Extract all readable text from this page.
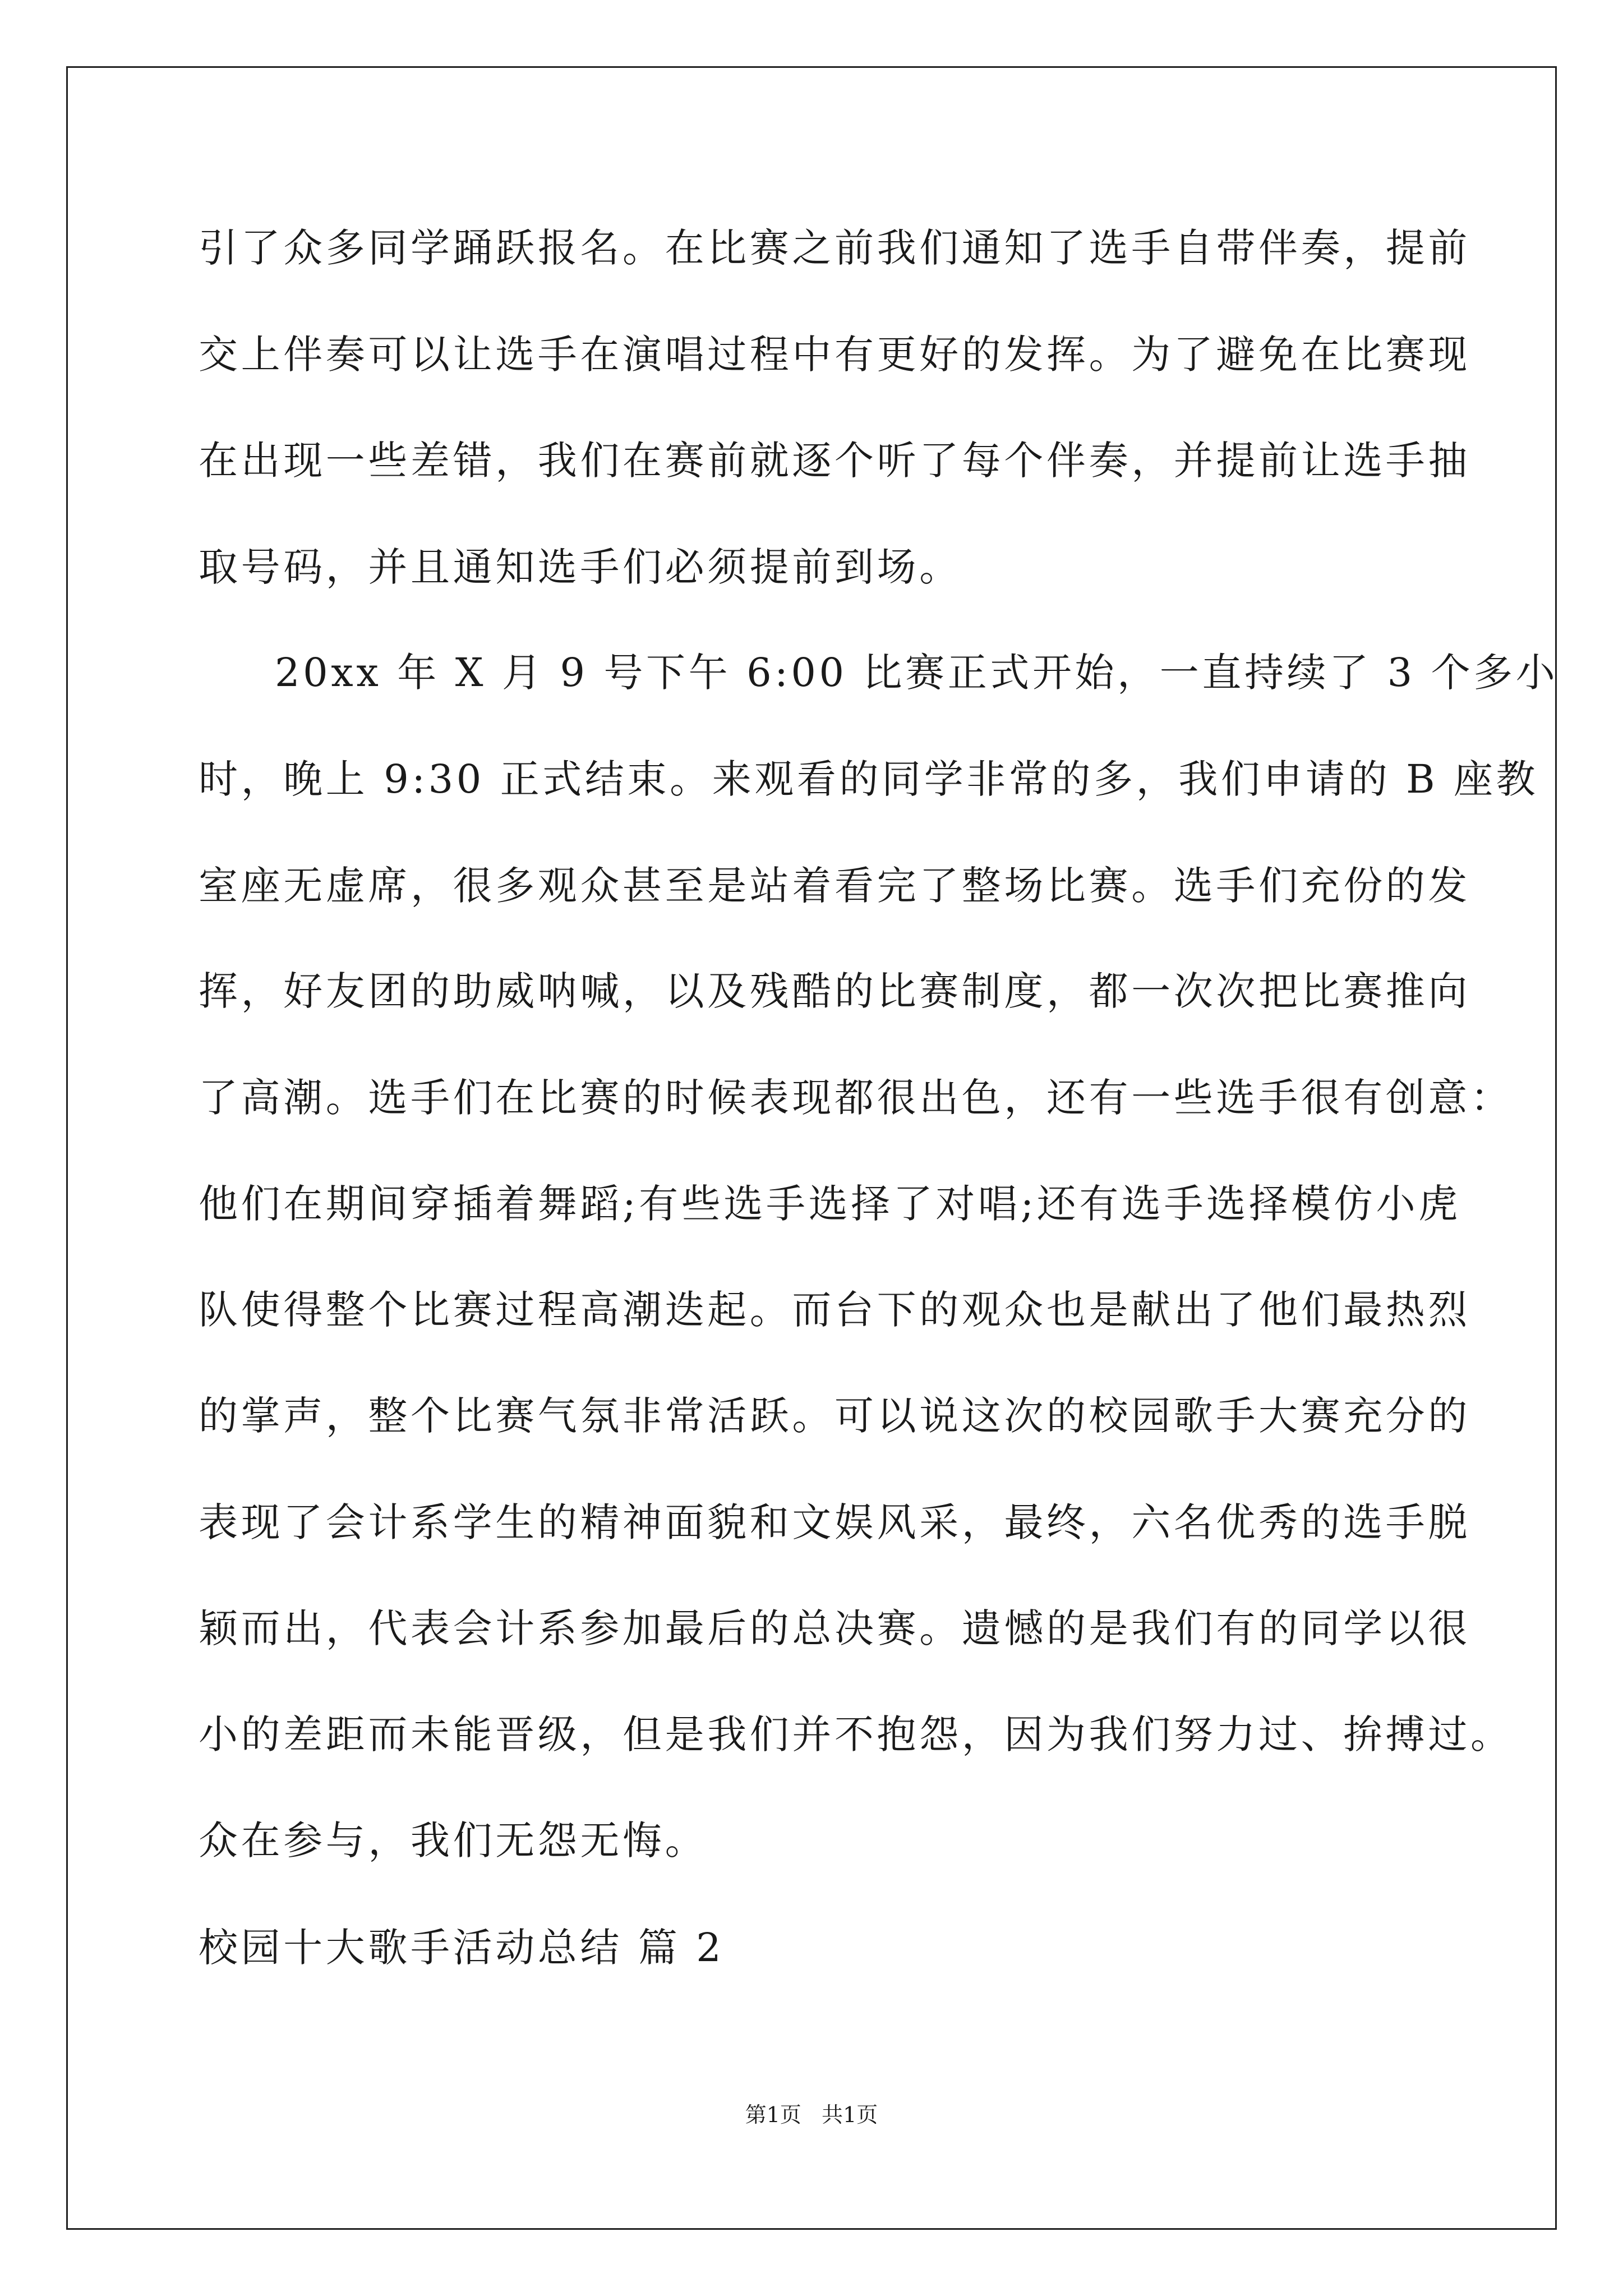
引了众多同学踊跃报名。在比赛之前我们通知了选手自带伴奏，提前
交上伴奏可以让选手在演唱过程中有更好的发挥。为了避免在比赛现
在出现一些差错，我们在赛前就逐个听了每个伴奏，并提前让选手抽
取号码，并且通知选手们必须提前到场。
20xx 年 X 月 9 号下午 6:00 比赛正式开始，一直持续了 3 个多小
时，晚上 9:30 正式结束。来观看的同学非常的多，我们申请的 B 座教
室座无虚席，很多观众甚至是站着看完了整场比赛。选手们充份的发
挥，好友团的助威呐喊，以及残酷的比赛制度，都一次次把比赛推向
了高潮。选手们在比赛的时候表现都很出色，还有一些选手很有创意：
他们在期间穿插着舞蹈;有些选手选择了对唱;还有选手选择模仿小虎
队使得整个比赛过程高潮迭起。而台下的观众也是献出了他们最热烈
的掌声，整个比赛气氛非常活跃。可以说这次的校园歌手大赛充分的
表现了会计系学生的精神面貌和文娱风采，最终，六名优秀的选手脱
颖而出，代表会计系参加最后的总决赛。遗憾的是我们有的同学以很
小的差距而未能晋级，但是我们并不抱怨，因为我们努力过、拚搏过。
众在参与，我们无怨无悔。
校园十大歌手活动总结 篇 2
第1页   共1页
